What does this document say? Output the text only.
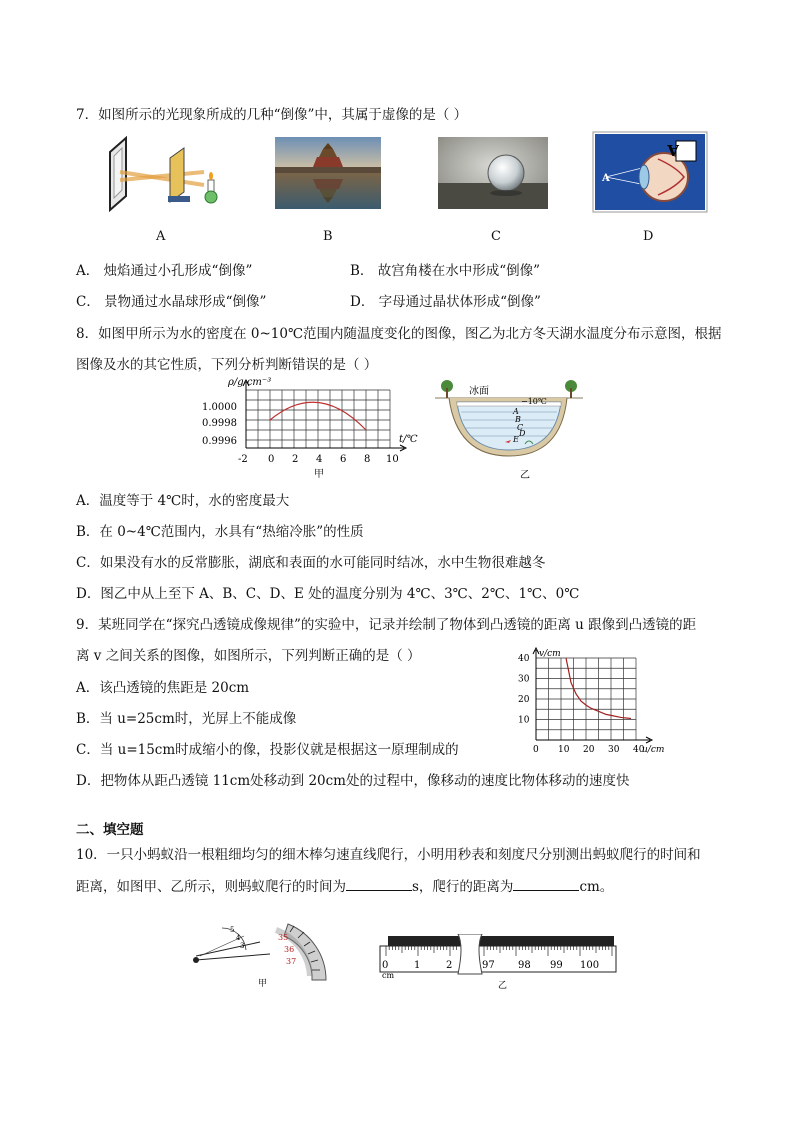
7．如图所示的光现象所成的几种“倒像”中，其属于虚像的是（ ）
A
A
A	B	C	D
A． 烛焰通过小孔形成“倒像”	B． 故宫角楼在水中形成“倒像”
C． 景物通过水晶球形成“倒像”	D． 字母通过晶状体形成“倒像”
8．如图甲所示为水的密度在 0~10℃范围内随温度变化的图像，图乙为北方冬天湖水温度分布示意图，根据
图像及水的其它性质，下列分析判断错误的是（ ）
ρ/g·cm⁻³
1.0000
0.9998
0.9996
-2 0 2 4 6 8 10
t/℃
甲
冰面
−10℃
A
B
C
D
E
乙
A．温度等于 4℃时，水的密度最大
B．在 0~4℃范围内，水具有“热缩冷胀”的性质
C．如果没有水的反常膨胀，湖底和表面的水可能同时结冰，水中生物很难越冬
D．图乙中从上至下 A、B、C、D、E 处的温度分别为 4℃、3℃、2℃、1℃、0℃
9．某班同学在“探究凸透镜成像规律”的实验中，记录并绘制了物体到凸透镜的距离 u 跟像到凸透镜的距
离 v 之间关系的图像，如图所示，下列判断正确的是（ ）
A．该凸透镜的焦距是 20cm
B．当 u=25cm时，光屏上不能成像
C．当 u=15cm时成缩小的像，投影仪就是根据这一原理制成的
D．把物体从距凸透镜 11cm处移动到 20cm处的过程中，像移动的速度比物体移动的速度快
0 10 20 30 40
10
20
30
40 v/cm
u/cm
二、填空题
10．一只小蚂蚁沿一根粗细均匀的细木棒匀速直线爬行，小明用秒表和刻度尺分别测出蚂蚁爬行的时间和
距离，如图甲、乙所示，则蚂蚁爬行的时间为	s，爬行的距离为	cm。
35
36
37
5
4
3
甲
0	1	2	97 98 99 100
cm
乙
